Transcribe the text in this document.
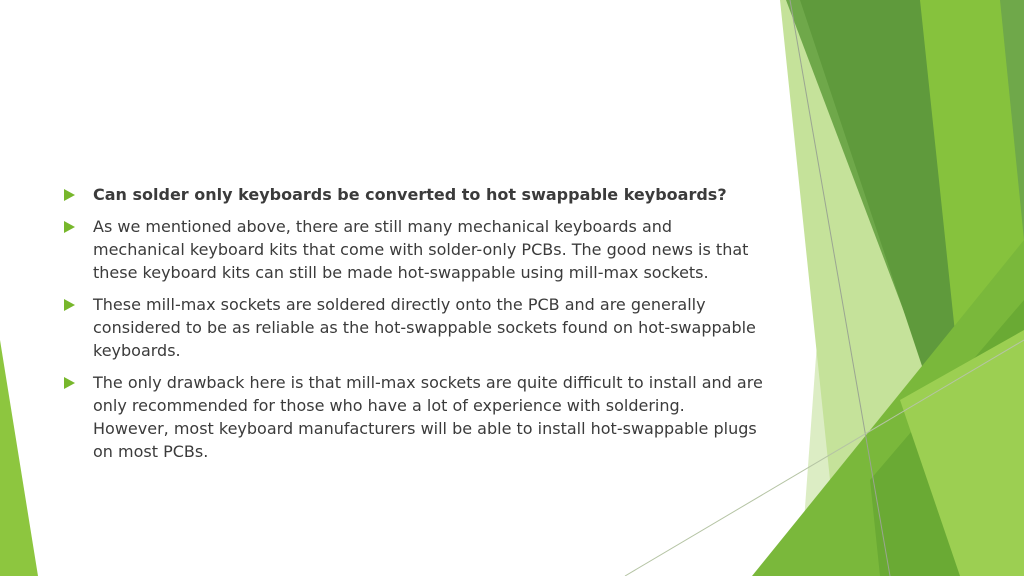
Can solder only keyboards be converted to hot swappable keyboards?

As we mentioned above, there are still many mechanical keyboards and mechanical keyboard kits that come with solder-only PCBs. The good news is that these keyboard kits can still be made hot-swappable using mill-max sockets.

These mill-max sockets are soldered directly onto the PCB and are generally considered to be as reliable as the hot-swappable sockets found on hot-swappable keyboards.

The only drawback here is that mill-max sockets are quite difficult to install and are only recommended for those who have a lot of experience with soldering. However, most keyboard manufacturers will be able to install hot-swappable plugs on most PCBs.
